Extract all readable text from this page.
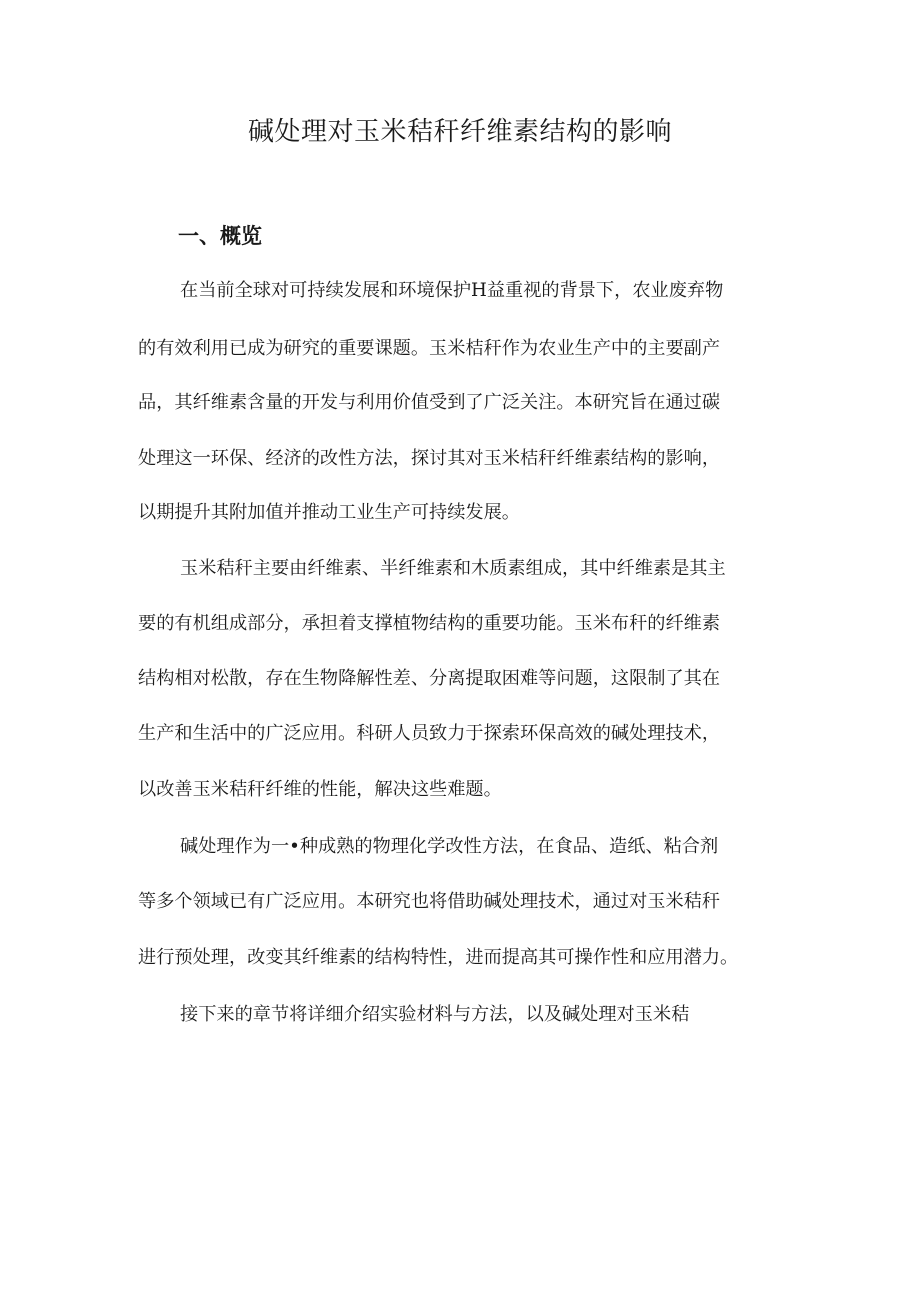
碱处理对玉米秸秆纤维素结构的影响
一、概览
在当前全球对可持续发展和环境保护H益重视的背景下，农业废弃物
的有效利用已成为研究的重要课题。玉米桔秆作为农业生产中的主要副产
品，其纤维素含量的开发与利用价值受到了广泛关注。本研究旨在通过碳
处理这一环保、经济的改性方法，探讨其对玉米桔秆纤维素结构的影响，
以期提升其附加值并推动工业生产可持续发展。
玉米秸秆主要由纤维素、半纤维素和木质素组成，其中纤维素是其主
要的有机组成部分，承担着支撑植物结构的重要功能。玉米布秆的纤维素
结构相对松散，存在生物降解性差、分离提取困难等问题，这限制了其在
生产和生活中的广泛应用。科研人员致力于探索环保高效的碱处理技术，
以改善玉米秸秆纤维的性能，解决这些难题。
碱处理作为一•种成熟的物理化学改性方法，在食品、造纸、粘合剂
等多个领域已有广泛应用。本研究也将借助碱处理技术，通过对玉米秸秆
进行预处理，改变其纤维素的结构特性，进而提高其可操作性和应用潜力。
接下来的章节将详细介绍实验材料与方法，以及碱处理对玉米秸
